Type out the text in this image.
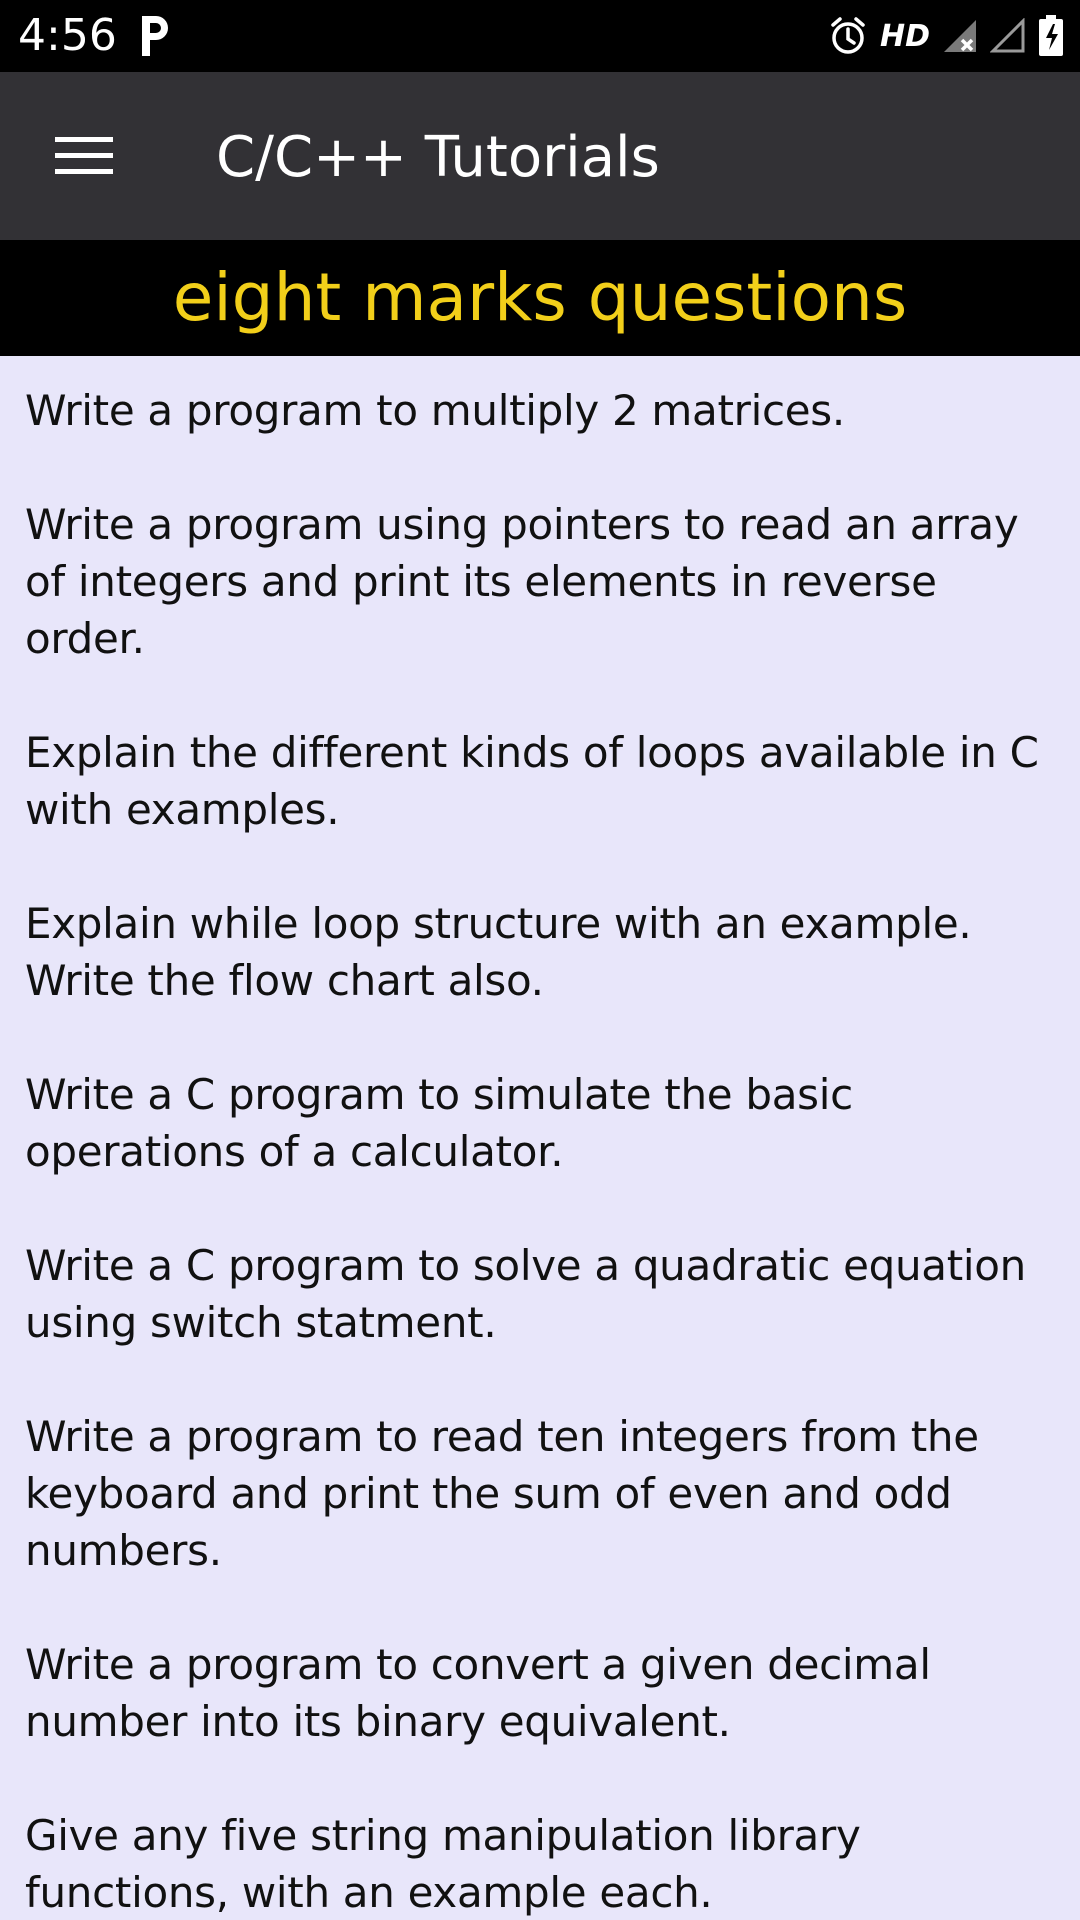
4:56	HD
C/C++ Tutorials
eight marks questions
Write a program to multiply 2 matrices.
Write a program using pointers to read an array of integers and print its elements in reverse order.
Explain the different kinds of loops available in C with examples.
Explain while loop structure with an example. Write the flow chart also.
Write a C program to simulate the basic operations of a calculator.
Write a C program to solve a quadratic equation using switch statment.
Write a program to read ten integers from the keyboard and print the sum of even and odd numbers.
Write a program to convert a given decimal number into its binary equivalent.
Give any five string manipulation library functions, with an example each.
